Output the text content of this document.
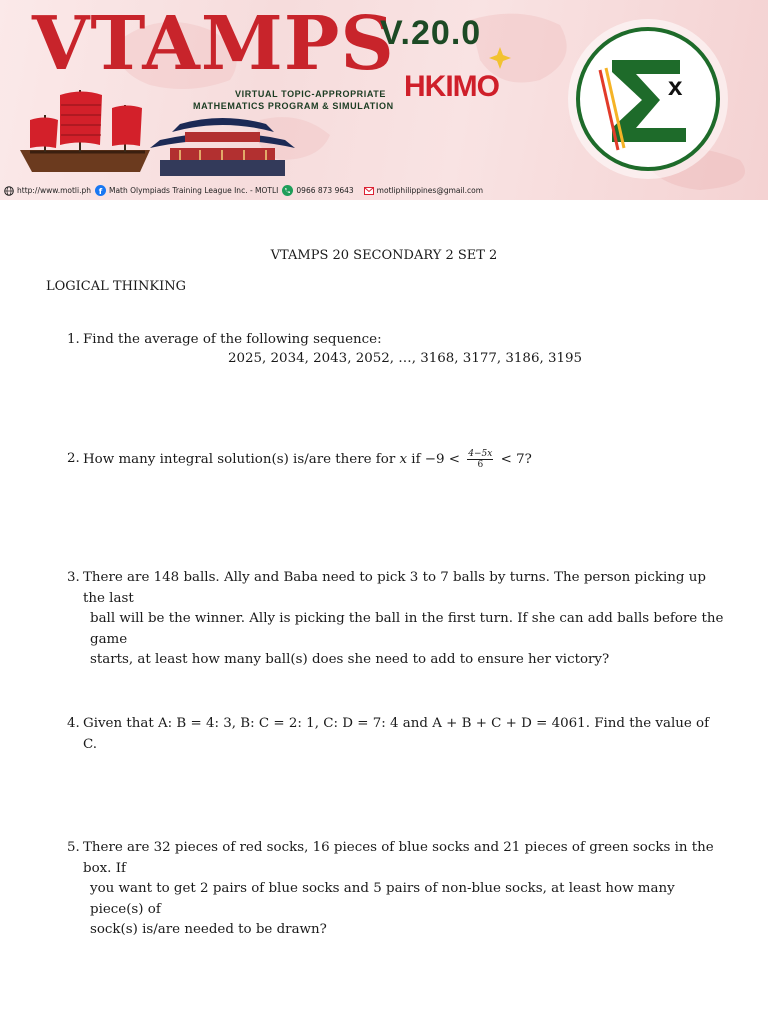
x
VTAMPS
V.20.0
VIRTUAL TOPIC-APPROPRIATE
MATHEMATICS PROGRAM & SIMULATION
HKIMO
http://www.motli.ph f Math Olympiads Training League Inc. - MOTLI 0966 873 9643	motliphilippines@gmail.com
VTAMPS 20 SECONDARY 2 SET 2
LOGICAL THINKING
1. Find the average of the following sequence:
2025, 2034, 2043, 2052, …, 3168, 3177, 3186, 3195
2. How many integral solution(s) is/are there for x if $-9 < \frac{4-5x}{6} < 7$?
3. There are 148 balls. Ally and Baba need to pick 3 to 7 balls by turns. The person picking up the last
ball will be the winner. Ally is picking the ball in the first turn. If she can add balls before the game
starts, at least how many ball(s) does she need to add to ensure her victory?
4. Given that A: B = 4: 3, B: C = 2: 1, C: D = 7: 4 and A + B + C + D = 4061. Find the value of C.
5. There are 32 pieces of red socks, 16 pieces of blue socks and 21 pieces of green socks in the box. If
you want to get 2 pairs of blue socks and 5 pairs of non-blue socks, at least how many piece(s) of
sock(s) is/are needed to be drawn?
